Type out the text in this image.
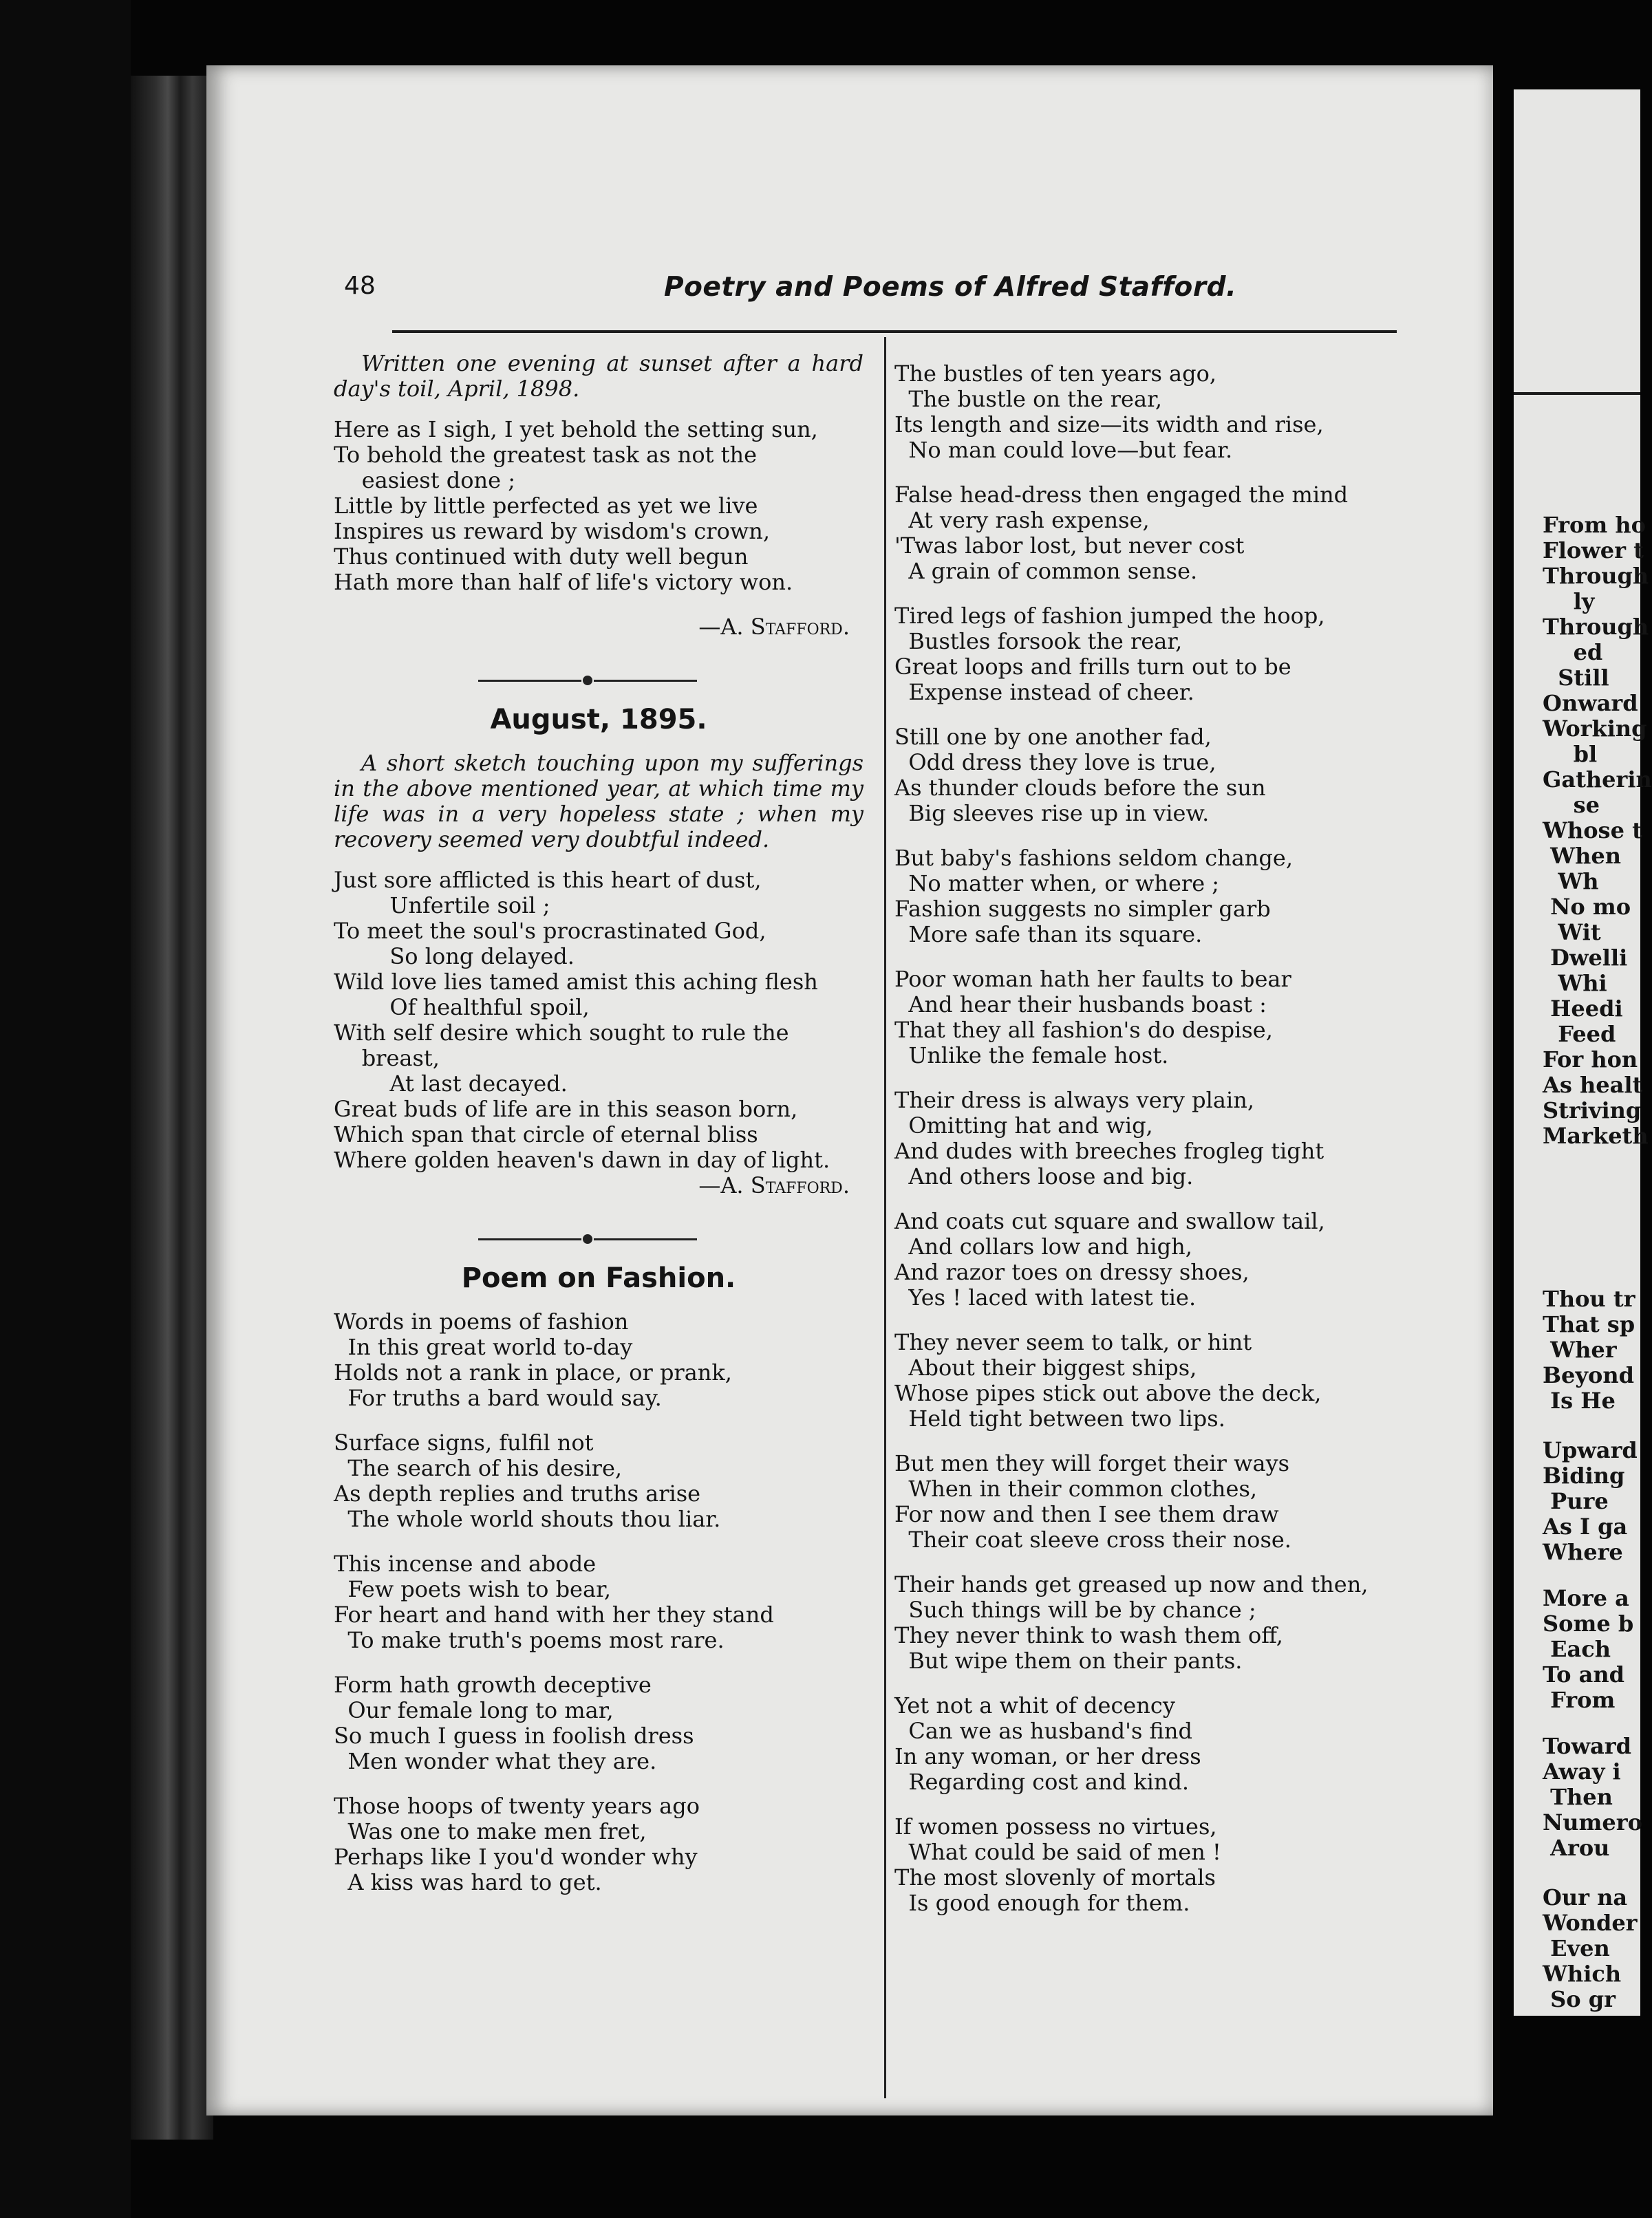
48	Poetry and Poems of Alfred Stafford.
Written one evening at sunset after a hard day's toil, April, 1898.
Here as I sigh, I yet behold the setting sun,
To behold the greatest task as not the
easiest done ;
Little by little perfected as yet we live
Inspires us reward by wisdom's crown,
Thus continued with duty well begun
Hath more than half of life's victory won.
—A. Stafford.
August, 1895.
A short sketch touching upon my sufferings in the above mentioned year, at which time my life was in a very hopeless state ; when my recovery seemed very doubtful indeed.
Just sore afflicted is this heart of dust,
Unfertile soil ;
To meet the soul's procrastinated God,
So long delayed.
Wild love lies tamed amist this aching flesh
Of healthful spoil,
With self desire which sought to rule the
breast,
At last decayed.
Great buds of life are in this season born,
Which span that circle of eternal bliss
Where golden heaven's dawn in day of light.
—A. Stafford.
Poem on Fashion.
Words in poems of fashion
In this great world to-day
Holds not a rank in place, or prank,
For truths a bard would say.
Surface signs, fulfil not
The search of his desire,
As depth replies and truths arise
The whole world shouts thou liar.
This incense and abode
Few poets wish to bear,
For heart and hand with her they stand
To make truth's poems most rare.
Form hath growth deceptive
Our female long to mar,
So much I guess in foolish dress
Men wonder what they are.
Those hoops of twenty years ago
Was one to make men fret,
Perhaps like I you'd wonder why
A kiss was hard to get.
The bustles of ten years ago,
The bustle on the rear,
Its length and size—its width and rise,
No man could love—but fear.
False head-dress then engaged the mind
At very rash expense,
'Twas labor lost, but never cost
A grain of common sense.
Tired legs of fashion jumped the hoop,
Bustles forsook the rear,
Great loops and frills turn out to be
Expense instead of cheer.
Still one by one another fad,
Odd dress they love is true,
As thunder clouds before the sun
Big sleeves rise up in view.
But baby's fashions seldom change,
No matter when, or where ;
Fashion suggests no simpler garb
More safe than its square.
Poor woman hath her faults to bear
And hear their husbands boast :
That they all fashion's do despise,
Unlike the female host.
Their dress is always very plain,
Omitting hat and wig,
And dudes with breeches frogleg tight
And others loose and big.
And coats cut square and swallow tail,
And collars low and high,
And razor toes on dressy shoes,
Yes ! laced with latest tie.
They never seem to talk, or hint
About their biggest ships,
Whose pipes stick out above the deck,
Held tight between two lips.
But men they will forget their ways
When in their common clothes,
For now and then I see them draw
Their coat sleeve cross their nose.
Their hands get greased up now and then,
Such things will be by chance ;
They never think to wash them off,
But wipe them on their pants.
Yet not a whit of decency
Can we as husband's find
In any woman, or her dress
Regarding cost and kind.
If women possess no virtues,
What could be said of men !
The most slovenly of mortals
Is good enough for them.
From ho
Flower t
Through
ly
Through
ed
Still
Onward
Working
bl
Gatherin
se
Whose t
When
Wh
No mo
Wit
Dwelli
Whi
Heedi
Feed
For hon
As healt
Striving
Marketh
Thou tr
That sp
Wher
Beyond
Is He
Upward
Biding
Pure
As I ga
Where
More a
Some b
Each
To and
From
Toward
Away i
Then
Numero
Arou
Our na
Wonder
Even
Which
So gr
